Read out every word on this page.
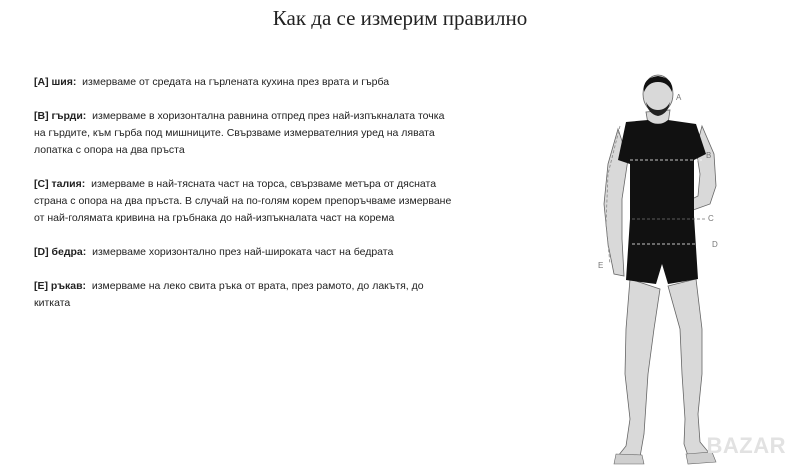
Как да се измерим правилно
[A] шия: измерваме от средата на гърлената кухина през врата и гърба
[B] гърди: измерваме в хоризонтална равнина отпред през най-изпъкналата точка на гърдите, към гърба под мишниците. Свързваме измервателния уред на лявата лопатка с опора на два пръста
[C] талия: измерваме в най-тясната част на торса, свързваме метъра от дясната страна с опора на два пръста. В случай на по-голям корем препоръчваме измерване от най-голямата кривина на гръбнака до най-изпъкналата част на корема
[D] бедра: измерваме хоризонтално през най-широката част на бедрата
[E] ръкав: измерваме на леко свита ръка от врата, през рамото, до лакътя, до китката
A
B
C
D
E
BAZAR
